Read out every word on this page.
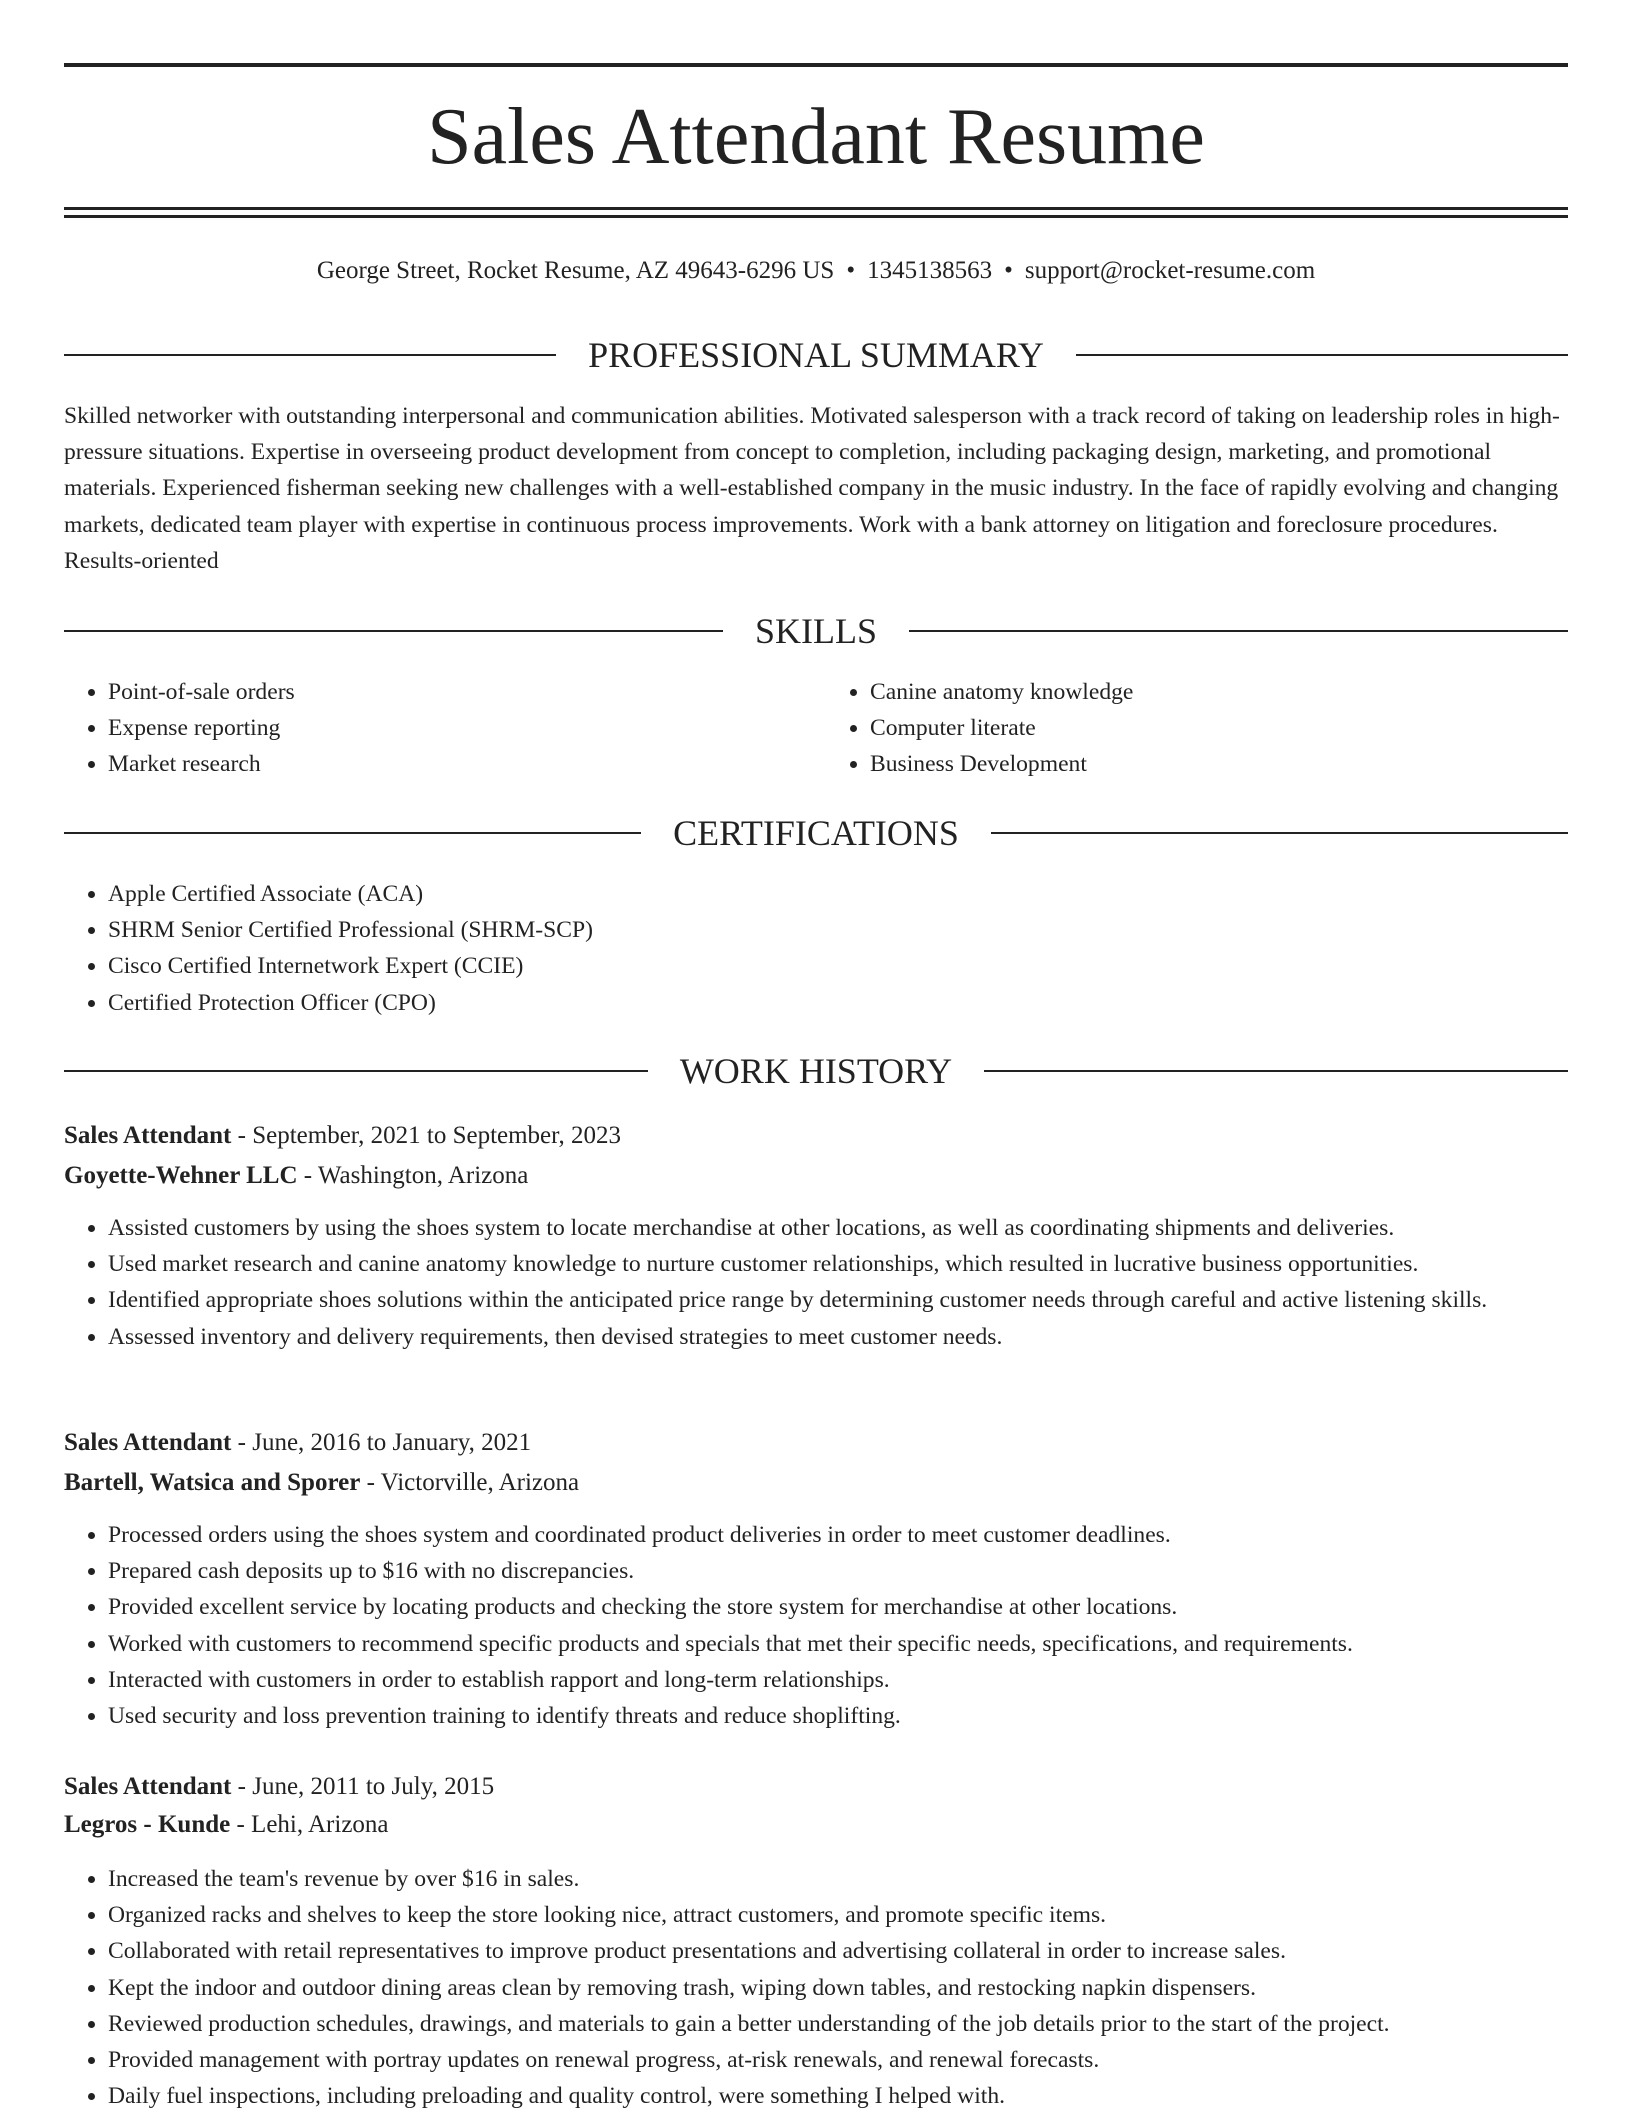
Sales Attendant Resume
George Street, Rocket Resume, AZ 49643-6296 US • 1345138563 • support@rocket-resume.com
PROFESSIONAL SUMMARY

Skilled networker with outstanding interpersonal and communication abilities. Motivated salesperson with a track record of taking on leadership roles in high-pressure situations. Expertise in overseeing product development from concept to completion, including packaging design, marketing, and promotional materials. Experienced fisherman seeking new challenges with a well-established company in the music industry. In the face of rapidly evolving and changing markets, dedicated team player with expertise in continuous process improvements. Work with a bank attorney on litigation and foreclosure procedures. Results-oriented

SKILLS
• Point-of-sale orders
• Expense reporting
• Market research
• Canine anatomy knowledge
• Computer literate
• Business Development
CERTIFICATIONS
• Apple Certified Associate (ACA)
• SHRM Senior Certified Professional (SHRM-SCP)
• Cisco Certified Internetwork Expert (CCIE)
• Certified Protection Officer (CPO)
WORK HISTORY
Sales Attendant - September, 2021 to September, 2023
Goyette-Wehner LLC - Washington, Arizona
• Assisted customers by using the shoes system to locate merchandise at other locations, as well as coordinating shipments and deliveries.
• Used market research and canine anatomy knowledge to nurture customer relationships, which resulted in lucrative business opportunities.
• Identified appropriate shoes solutions within the anticipated price range by determining customer needs through careful and active listening skills.
• Assessed inventory and delivery requirements, then devised strategies to meet customer needs.
Sales Attendant - June, 2016 to January, 2021
Bartell, Watsica and Sporer - Victorville, Arizona
• Processed orders using the shoes system and coordinated product deliveries in order to meet customer deadlines.
• Prepared cash deposits up to $16 with no discrepancies.
• Provided excellent service by locating products and checking the store system for merchandise at other locations.
• Worked with customers to recommend specific products and specials that met their specific needs, specifications, and requirements.
• Interacted with customers in order to establish rapport and long-term relationships.
• Used security and loss prevention training to identify threats and reduce shoplifting.
Sales Attendant - June, 2011 to July, 2015
Legros - Kunde - Lehi, Arizona
• Increased the team's revenue by over $16 in sales.
• Organized racks and shelves to keep the store looking nice, attract customers, and promote specific items.
• Collaborated with retail representatives to improve product presentations and advertising collateral in order to increase sales.
• Kept the indoor and outdoor dining areas clean by removing trash, wiping down tables, and restocking napkin dispensers.
• Reviewed production schedules, drawings, and materials to gain a better understanding of the job details prior to the start of the project.
• Provided management with portray updates on renewal progress, at-risk renewals, and renewal forecasts.
• Daily fuel inspections, including preloading and quality control, were something I helped with.
